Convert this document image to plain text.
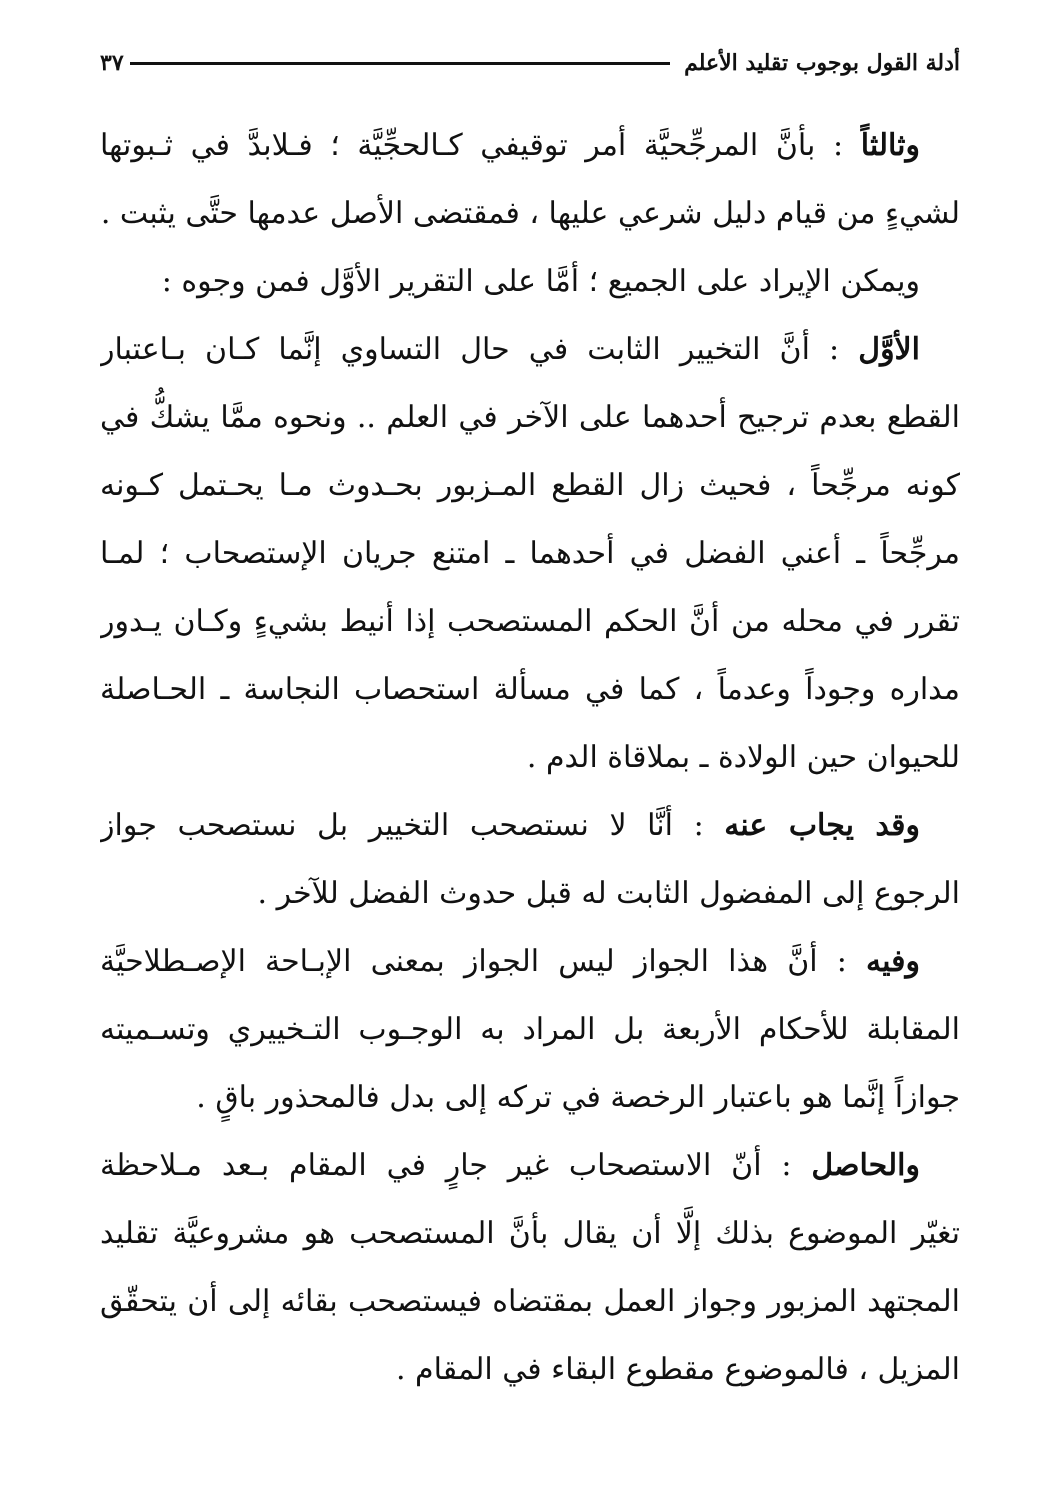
أدلة القول بوجوب تقليد الأعلم
٣٧
وثالثاً : بأنَّ المرجِّحيَّة أمر توقيفي كـالحجِّيَّة ؛ فـلابدَّ في ثـبوتها
لشيءٍ من قيام دليل شرعي عليها ، فمقتضى الأصل عدمها حتَّى يثبت .
ويمكن الإيراد على الجميع ؛ أمَّا على التقرير الأوَّل فمن وجوه :
الأوَّل : أنَّ التخيير الثابت في حال التساوي إنَّما كـان بـاعتبار
القطع بعدم ترجيح أحدهما على الآخر في العلم .. ونحوه ممَّا يشكُّ في
كونه مرجِّحاً ، فحيث زال القطع المـزبور بحـدوث مـا يحـتمل كـونه
مرجِّحاً ـ أعني الفضل في أحدهما ـ امتنع جريان الإستصحاب ؛ لمـا
تقرر في محله من أنَّ الحكم المستصحب إذا أنيط بشيءٍ وكـان يـدور
مداره وجوداً وعدماً ، كما في مسألة استحصاب النجاسة ـ الحـاصلة
للحيوان حين الولادة ـ بملاقاة الدم .
وقد يجاب عنه : أنَّا لا نستصحب التخيير بل نستصحب جواز
الرجوع إلى المفضول الثابت له قبل حدوث الفضل للآخر .
وفيه : أنَّ هذا الجواز ليس الجواز بمعنى الإبـاحة الإصـطلاحيَّة
المقابلة للأحكام الأربعة بل المراد به الوجـوب التـخييري وتسـميته
جوازاً إنَّما هو باعتبار الرخصة في تركه إلى بدل فالمحذور باقٍ .
والحاصل : أنّ الاستصحاب غير جارٍ في المقام بـعد مـلاحظة
تغيّر الموضوع بذلك إلَّا أن يقال بأنَّ المستصحب هو مشروعيَّة تقليد
المجتهد المزبور وجواز العمل بمقتضاه فيستصحب بقائه إلى أن يتحقّق
المزيل ، فالموضوع مقطوع البقاء في المقام .
